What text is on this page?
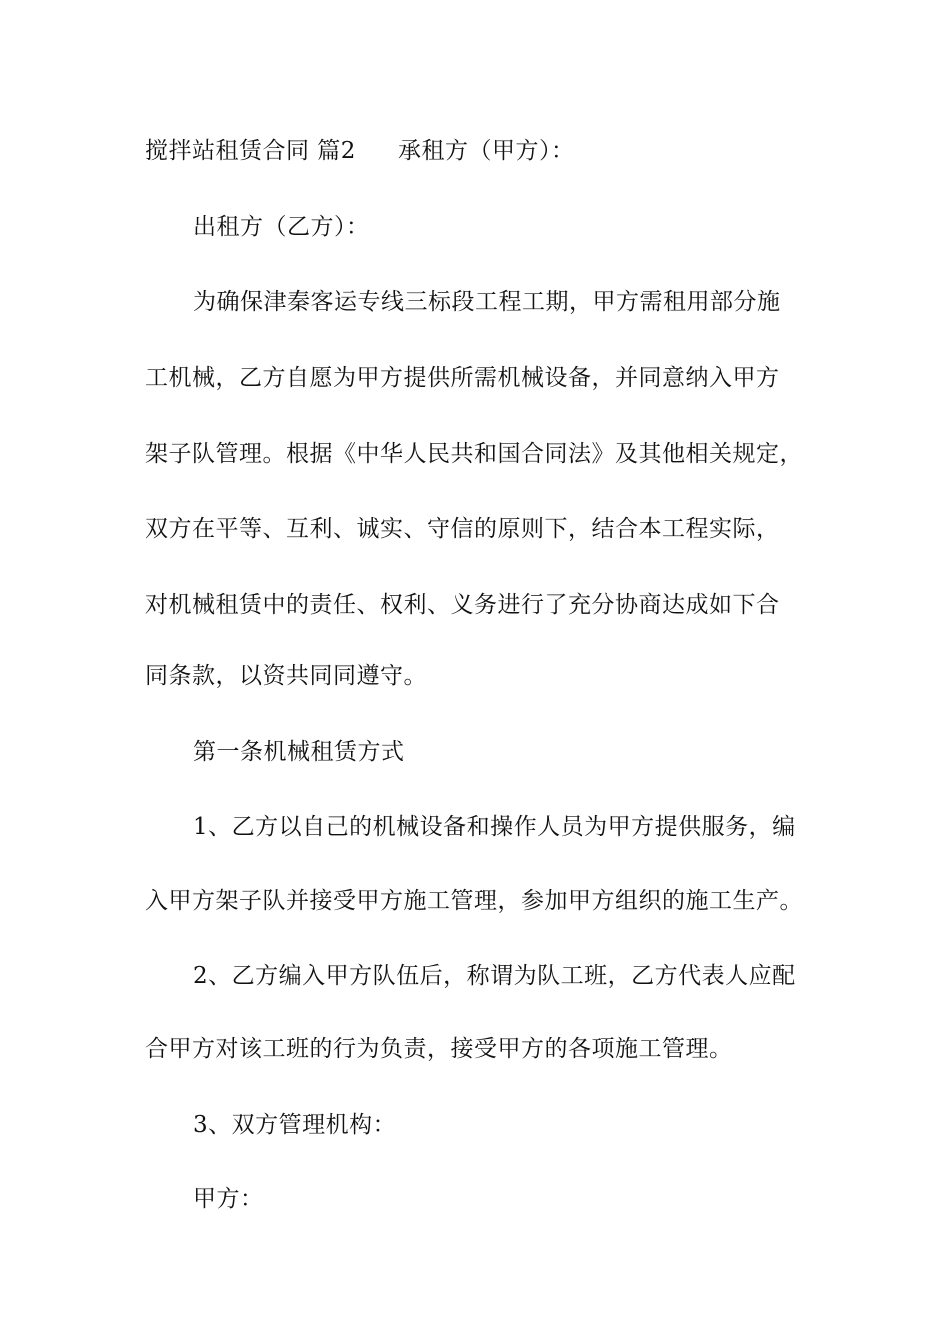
搅拌站租赁合同 篇2 承租方（甲方）：
出租方（乙方）：
为确保津秦客运专线三标段工程工期，甲方需租用部分施
工机械，乙方自愿为甲方提供所需机械设备，并同意纳入甲方
架子队管理。根据《中华人民共和国合同法》及其他相关规定，
双方在平等、互利、诚实、守信的原则下，结合本工程实际，
对机械租赁中的责任、权利、义务进行了充分协商达成如下合
同条款，以资共同同遵守。
第一条机械租赁方式
1、乙方以自己的机械设备和操作人员为甲方提供服务，编
入甲方架子队并接受甲方施工管理，参加甲方组织的施工生产。
2、乙方编入甲方队伍后，称谓为队工班，乙方代表人应配
合甲方对该工班的行为负责，接受甲方的各项施工管理。
3、双方管理机构：
甲方：
